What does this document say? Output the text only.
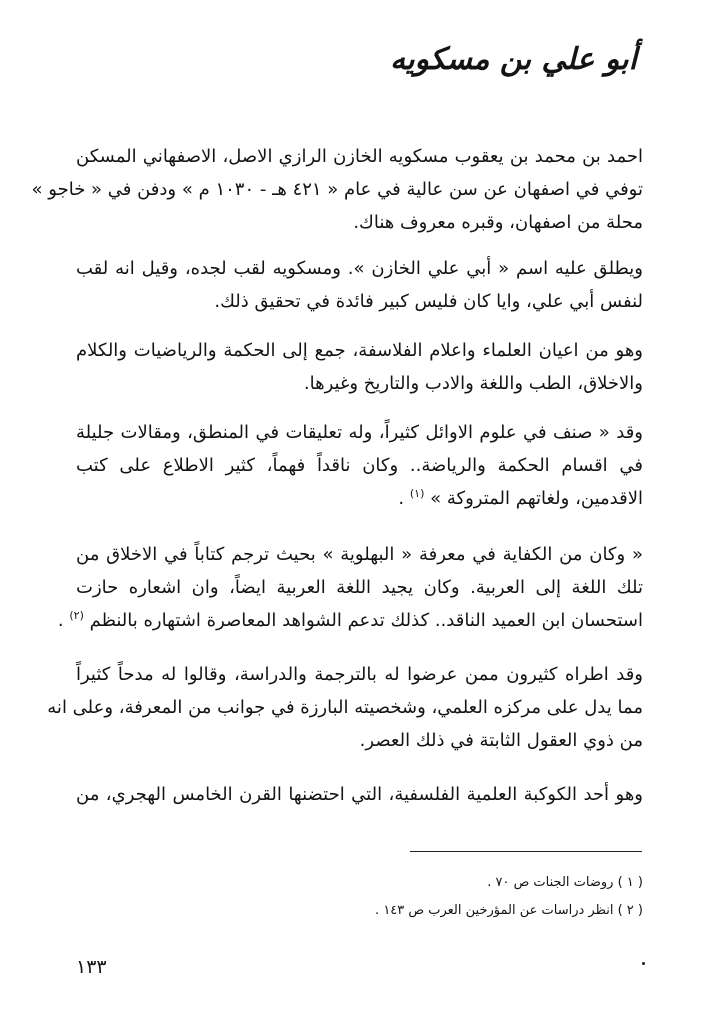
أبو علي بن مسكويه
احمد بن محمد بن يعقوب مسكويه الخازن الرازي الاصل، الاصفهاني المسكن
توفي في اصفهان عن سن عالية في عام « ٤٢١ هـ - ١٠٣٠ م » ودفن في « خاجو »
محلة من اصفهان، وقبره معروف هناك.
ويطلق عليه اسم « أبي علي الخازن ». ومسكويه لقب لجده، وقيل انه لقب
لنفس أبي علي، وايا كان فليس كبير فائدة في تحقيق ذلك.
وهو من اعيان العلماء واعلام الفلاسفة، جمع إلى الحكمة والرياضيات والكلام
والاخلاق، الطب واللغة والادب والتاريخ وغيرها.
وقد « صنف في علوم الاوائل كثيراً، وله تعليقات في المنطق، ومقالات جليلة
في اقسام الحكمة والرياضة.. وكان ناقداً فهماً، كثير الاطلاع على كتب
الاقدمين، ولغاتهم المتروكة » $^{(١)}$ .
« وكان من الكفاية في معرفة « البهلوية » بحيث ترجم كتاباً في الاخلاق من
تلك اللغة إلى العربية. وكان يجيد اللغة العربية ايضاً، وان اشعاره حازت
استحسان ابن العميد الناقد.. كذلك تدعم الشواهد المعاصرة اشتهاره بالنظم $^{(٢)}$ .
وقد اطراه كثيرون ممن عرضوا له بالترجمة والدراسة، وقالوا له مدحاً كثيراً
مما يدل على مركزه العلمي، وشخصيته البارزة في جوانب من المعرفة، وعلى انه
من ذوي العقول الثابتة في ذلك العصر.
وهو أحد الكوكبة العلمية الفلسفية، التي احتضنها القرن الخامس الهجري، من
( ١ ) روضات الجنات ص ٧٠ .
( ٢ ) انظر دراسات عن المؤرخين العرب ص ١٤٣ .
١٣٣
